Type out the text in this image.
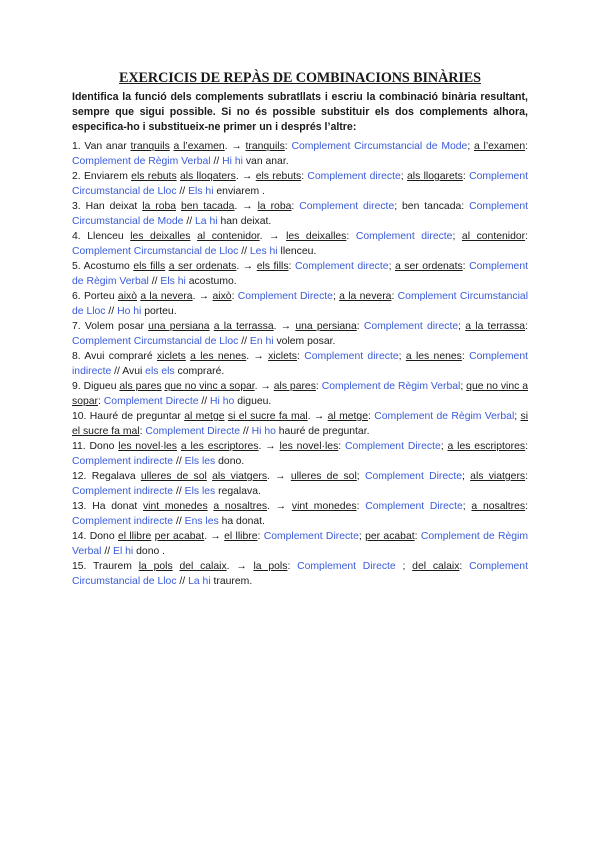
EXERCICIS DE REPÀS DE COMBINACIONS BINÀRIES

Identifica la funció dels complements subratllats i escriu la combinació binària resultant, sempre que sigui possible. Si no és possible substituir els dos complements alhora, especifica-ho i substitueix-ne primer un i després l’altre:

1. Van anar tranquils a l’examen. → tranquils: Complement Circumstancial de Mode; a l’examen: Complement de Règim Verbal // Hi hi van anar.

2. Enviarem els rebuts als lloqaters. → els rebuts: Complement directe; als llogarets: Complement Circumstancial de Lloc // Els hi enviarem .

3. Han deixat la roba ben tacada. → la roba: Complement directe; ben tancada: Complement Circumstancial de Mode // La hi han deixat.

4. Llenceu les deixalles al contenidor. → les deixalles: Complement directe; al contenidor: Complement Circumstancial de Lloc // Les hi llenceu.

5. Acostumo els fills a ser ordenats. → els fills: Complement directe; a ser ordenats: Complement de Règim Verbal // Els hi acostumo.

6. Porteu això a la nevera. → això: Complement Directe; a la nevera: Complement Circumstancial de Lloc // Ho hi porteu.

7. Volem posar una persiana a la terrassa. → una persiana: Complement directe; a la terrassa: Complement Circumstancial de Lloc // En hi volem posar.

8. Avui compraré xiclets a les nenes. → xiclets: Complement directe; a les nenes: Complement indirecte // Avui els els compraré.

9. Digueu als pares que no vinc a sopar. → als pares: Complement de Règim Verbal; que no vinc a sopar: Complement Directe // Hi ho digueu.

10. Hauré de preguntar al metge si el sucre fa mal. → al metge: Complement de Règim Verbal; si el sucre fa mal: Complement Directe // Hi ho hauré de preguntar.

11. Dono les novel·les a les escriptores. → les novel·les: Complement Directe; a les escriptores: Complement indirecte // Els les dono.

12. Regalava ulleres de sol als viatgers. → ulleres de sol; Complement Directe; als viatgers: Complement indirecte // Els les regalava.

13. Ha donat vint monedes a nosaltres. → vint monedes: Complement Directe; a nosaltres: Complement indirecte // Ens les ha donat.

14. Dono el llibre per acabat. → el llibre: Complement Directe; per acabat: Complement de Règim Verbal // El hi dono .

15. Traurem la pols del calaix. → la pols: Complement Directe ; del calaix: Complement Circumstancial de Lloc // La hi traurem.
